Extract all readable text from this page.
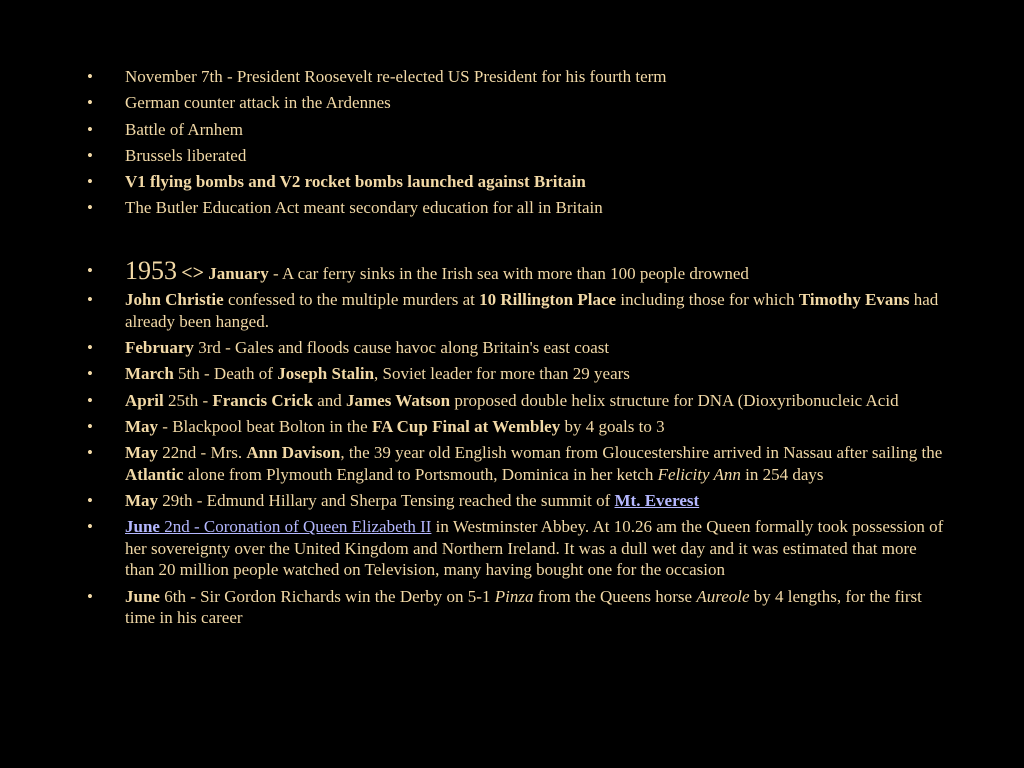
• November 7th - President Roosevelt re-elected US President for his fourth term
• German counter attack in the Ardennes
• Battle of Arnhem
• Brussels liberated
• V1 flying bombs and V2 rocket bombs launched against Britain
• The Butler Education Act meant secondary education for all in Britain
• 1953 <> January - A car ferry sinks in the Irish sea with more than 100 people drowned
• John Christie confessed to the multiple murders at 10 Rillington Place including those for which Timothy Evans had already been hanged.
• February 3rd - Gales and floods cause havoc along Britain's east coast
• March 5th - Death of Joseph Stalin, Soviet leader for more than 29 years
• April 25th - Francis Crick and James Watson proposed double helix structure for DNA (Dioxyribonucleic Acid
• May - Blackpool beat Bolton in the FA Cup Final at Wembley by 4 goals to 3
• May 22nd - Mrs. Ann Davison, the 39 year old English woman from Gloucestershire arrived in Nassau after sailing the Atlantic alone from Plymouth England to Portsmouth, Dominica in her ketch Felicity Ann in 254 days
• May 29th - Edmund Hillary and Sherpa Tensing reached the summit of Mt. Everest
• June 2nd - Coronation of Queen Elizabeth II in Westminster Abbey. At 10.26 am the Queen formally took possession of her sovereignty over the United Kingdom and Northern Ireland. It was a dull wet day and it was estimated that more than 20 million people watched on Television, many having bought one for the occasion
• June 6th - Sir Gordon Richards win the Derby on 5-1 Pinza from the Queens horse Aureole by 4 lengths, for the first time in his career
